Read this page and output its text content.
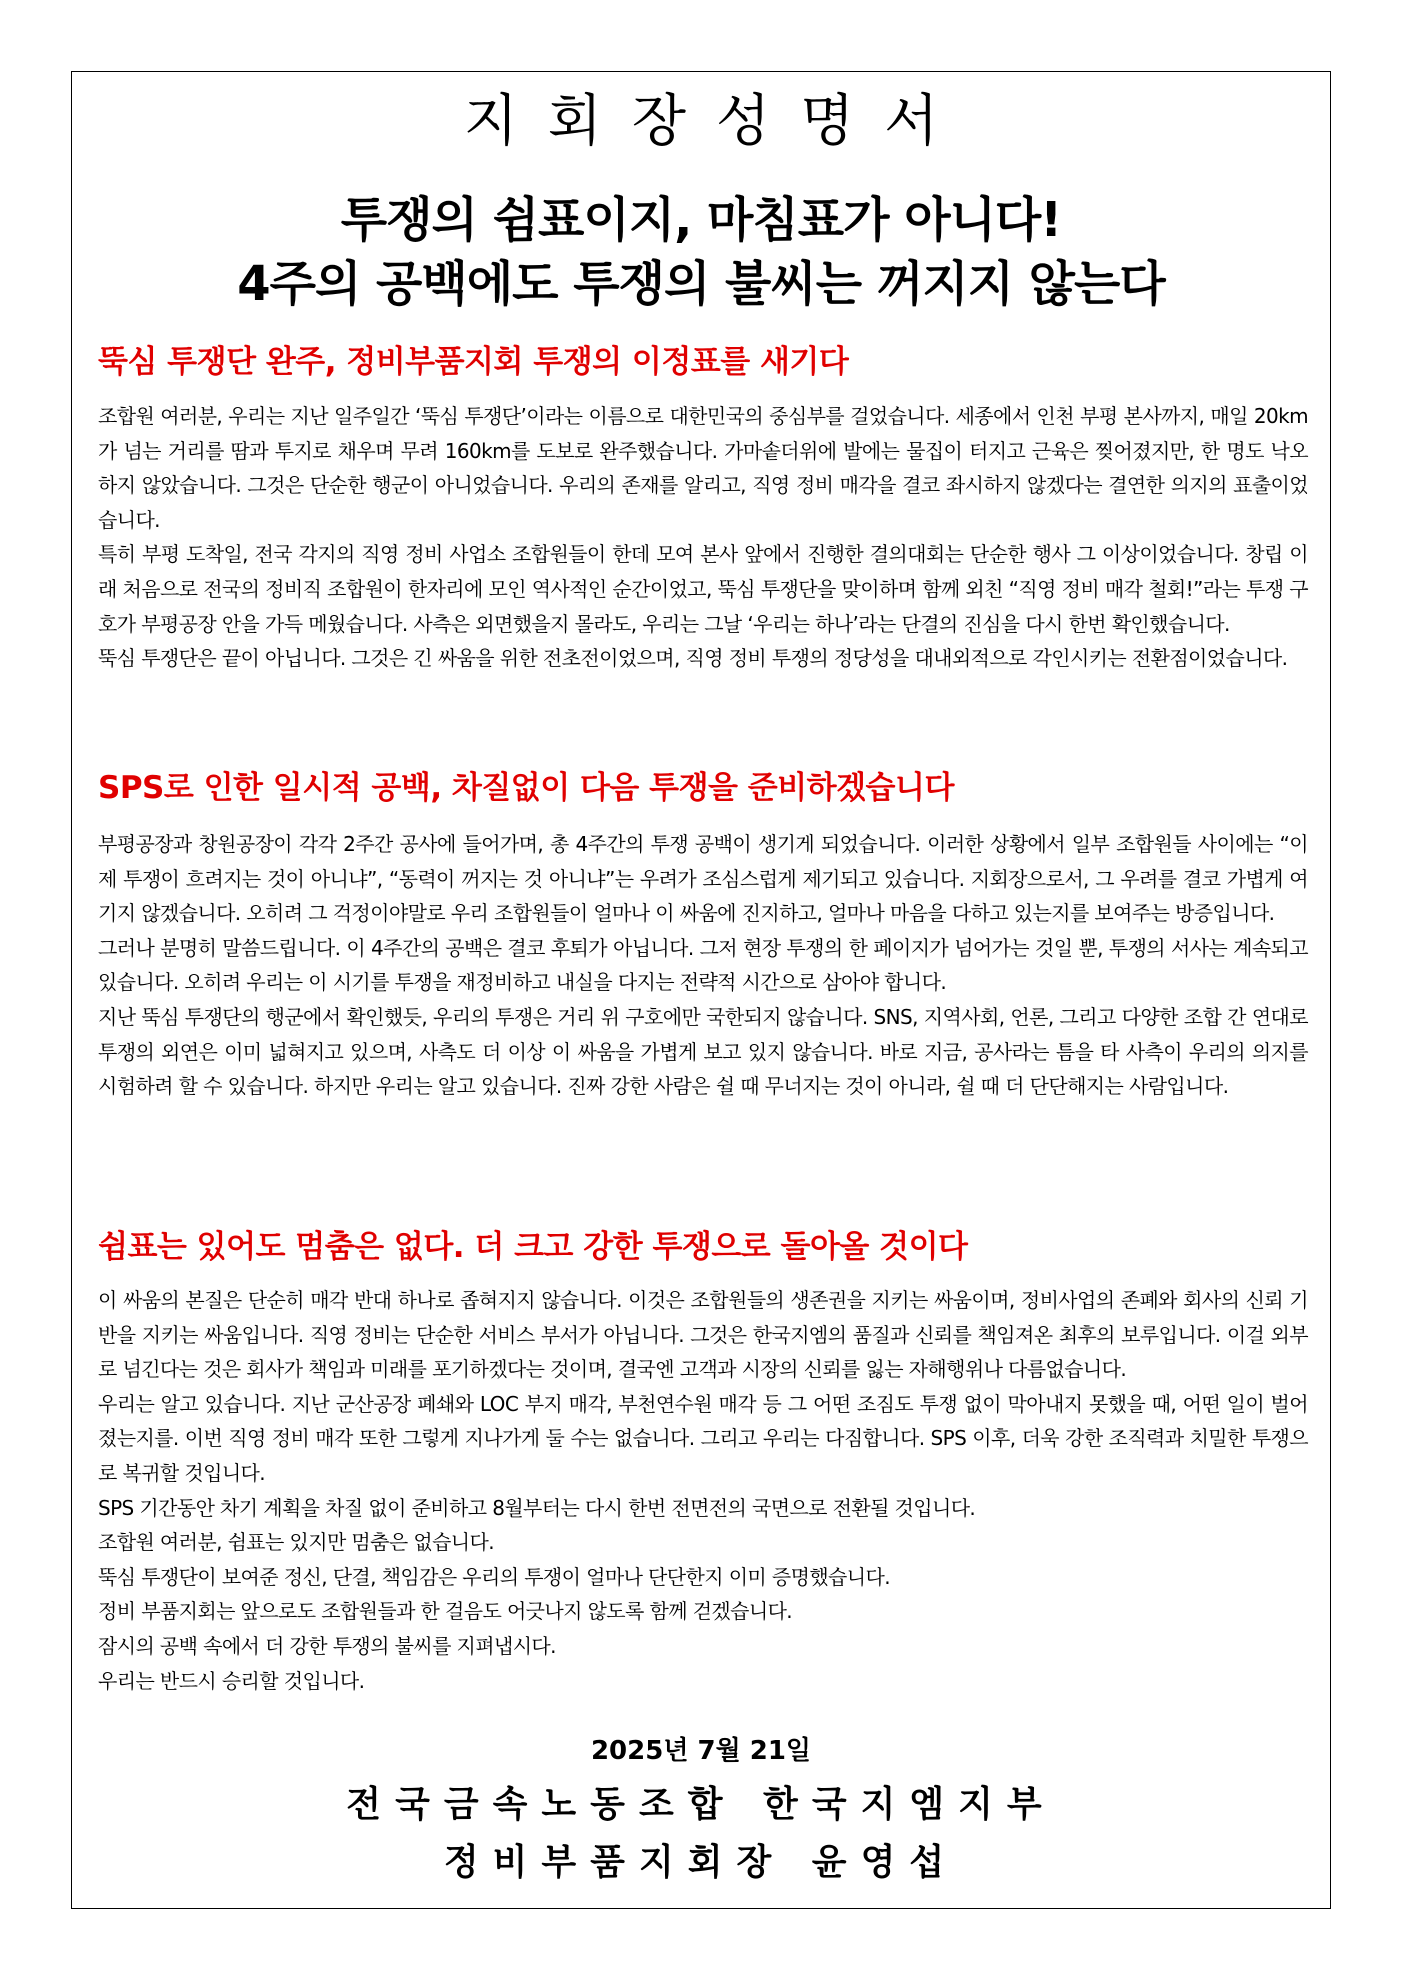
지회장성명서
투쟁의 쉼표이지, 마침표가 아니다!
4주의 공백에도 투쟁의 불씨는 꺼지지 않는다
뚝심 투쟁단 완주, 정비부품지회 투쟁의 이정표를 새기다

조합원 여러분, 우리는 지난 일주일간 ‘뚝심 투쟁단’이라는 이름으로 대한민국의 중심부를 걸었습니다. 세종에서 인천 부평 본사까지, 매일 20km가 넘는 거리를 땀과 투지로 채우며 무려 160km를 도보로 완주했습니다. 가마솥더위에 발에는 물집이 터지고 근육은 찢어졌지만, 한 명도 낙오하지 않았습니다. 그것은 단순한 행군이 아니었습니다. 우리의 존재를 알리고, 직영 정비 매각을 결코 좌시하지 않겠다는 결연한 의지의 표출이었습니다.

특히 부평 도착일, 전국 각지의 직영 정비 사업소 조합원들이 한데 모여 본사 앞에서 진행한 결의대회는 단순한 행사 그 이상이었습니다. 창립 이래 처음으로 전국의 정비직 조합원이 한자리에 모인 역사적인 순간이었고, 뚝심 투쟁단을 맞이하며 함께 외친 “직영 정비 매각 철회!”라는 투쟁 구호가 부평공장 안을 가득 메웠습니다. 사측은 외면했을지 몰라도, 우리는 그날 ‘우리는 하나’라는 단결의 진심을 다시 한번 확인했습니다.

뚝심 투쟁단은 끝이 아닙니다. 그것은 긴 싸움을 위한 전초전이었으며, 직영 정비 투쟁의 정당성을 대내외적으로 각인시키는 전환점이었습니다.

SPS로 인한 일시적 공백, 차질없이 다음 투쟁을 준비하겠습니다

부평공장과 창원공장이 각각 2주간 공사에 들어가며, 총 4주간의 투쟁 공백이 생기게 되었습니다. 이러한 상황에서 일부 조합원들 사이에는 “이제 투쟁이 흐려지는 것이 아니냐”, “동력이 꺼지는 것 아니냐”는 우려가 조심스럽게 제기되고 있습니다. 지회장으로서, 그 우려를 결코 가볍게 여기지 않겠습니다. 오히려 그 걱정이야말로 우리 조합원들이 얼마나 이 싸움에 진지하고, 얼마나 마음을 다하고 있는지를 보여주는 방증입니다.

그러나 분명히 말씀드립니다. 이 4주간의 공백은 결코 후퇴가 아닙니다. 그저 현장 투쟁의 한 페이지가 넘어가는 것일 뿐, 투쟁의 서사는 계속되고 있습니다. 오히려 우리는 이 시기를 투쟁을 재정비하고 내실을 다지는 전략적 시간으로 삼아야 합니다.

지난 뚝심 투쟁단의 행군에서 확인했듯, 우리의 투쟁은 거리 위 구호에만 국한되지 않습니다. SNS, 지역사회, 언론, 그리고 다양한 조합 간 연대로 투쟁의 외연은 이미 넓혀지고 있으며, 사측도 더 이상 이 싸움을 가볍게 보고 있지 않습니다. 바로 지금, 공사라는 틈을 타 사측이 우리의 의지를 시험하려 할 수 있습니다. 하지만 우리는 알고 있습니다. 진짜 강한 사람은 쉴 때 무너지는 것이 아니라, 쉴 때 더 단단해지는 사람입니다.

쉼표는 있어도 멈춤은 없다. 더 크고 강한 투쟁으로 돌아올 것이다

이 싸움의 본질은 단순히 매각 반대 하나로 좁혀지지 않습니다. 이것은 조합원들의 생존권을 지키는 싸움이며, 정비사업의 존폐와 회사의 신뢰 기반을 지키는 싸움입니다. 직영 정비는 단순한 서비스 부서가 아닙니다. 그것은 한국지엠의 품질과 신뢰를 책임져온 최후의 보루입니다. 이걸 외부로 넘긴다는 것은 회사가 책임과 미래를 포기하겠다는 것이며, 결국엔 고객과 시장의 신뢰를 잃는 자해행위나 다름없습니다.

우리는 알고 있습니다. 지난 군산공장 폐쇄와 LOC 부지 매각, 부천연수원 매각 등 그 어떤 조짐도 투쟁 없이 막아내지 못했을 때, 어떤 일이 벌어졌는지를. 이번 직영 정비 매각 또한 그렇게 지나가게 둘 수는 없습니다. 그리고 우리는 다짐합니다. SPS 이후, 더욱 강한 조직력과 치밀한 투쟁으로 복귀할 것입니다.

SPS 기간동안 차기 계획을 차질 없이 준비하고 8월부터는 다시 한번 전면전의 국면으로 전환될 것입니다.

조합원 여러분, 쉼표는 있지만 멈춤은 없습니다.

뚝심 투쟁단이 보여준 정신, 단결, 책임감은 우리의 투쟁이 얼마나 단단한지 이미 증명했습니다.

정비 부품지회는 앞으로도 조합원들과 한 걸음도 어긋나지 않도록 함께 걷겠습니다.

잠시의 공백 속에서 더 강한 투쟁의 불씨를 지펴냅시다.

우리는 반드시 승리할 것입니다.

2025년 7월 21일
전국금속노동조합 한국지엠지부
정비부품지회장 윤영섭
